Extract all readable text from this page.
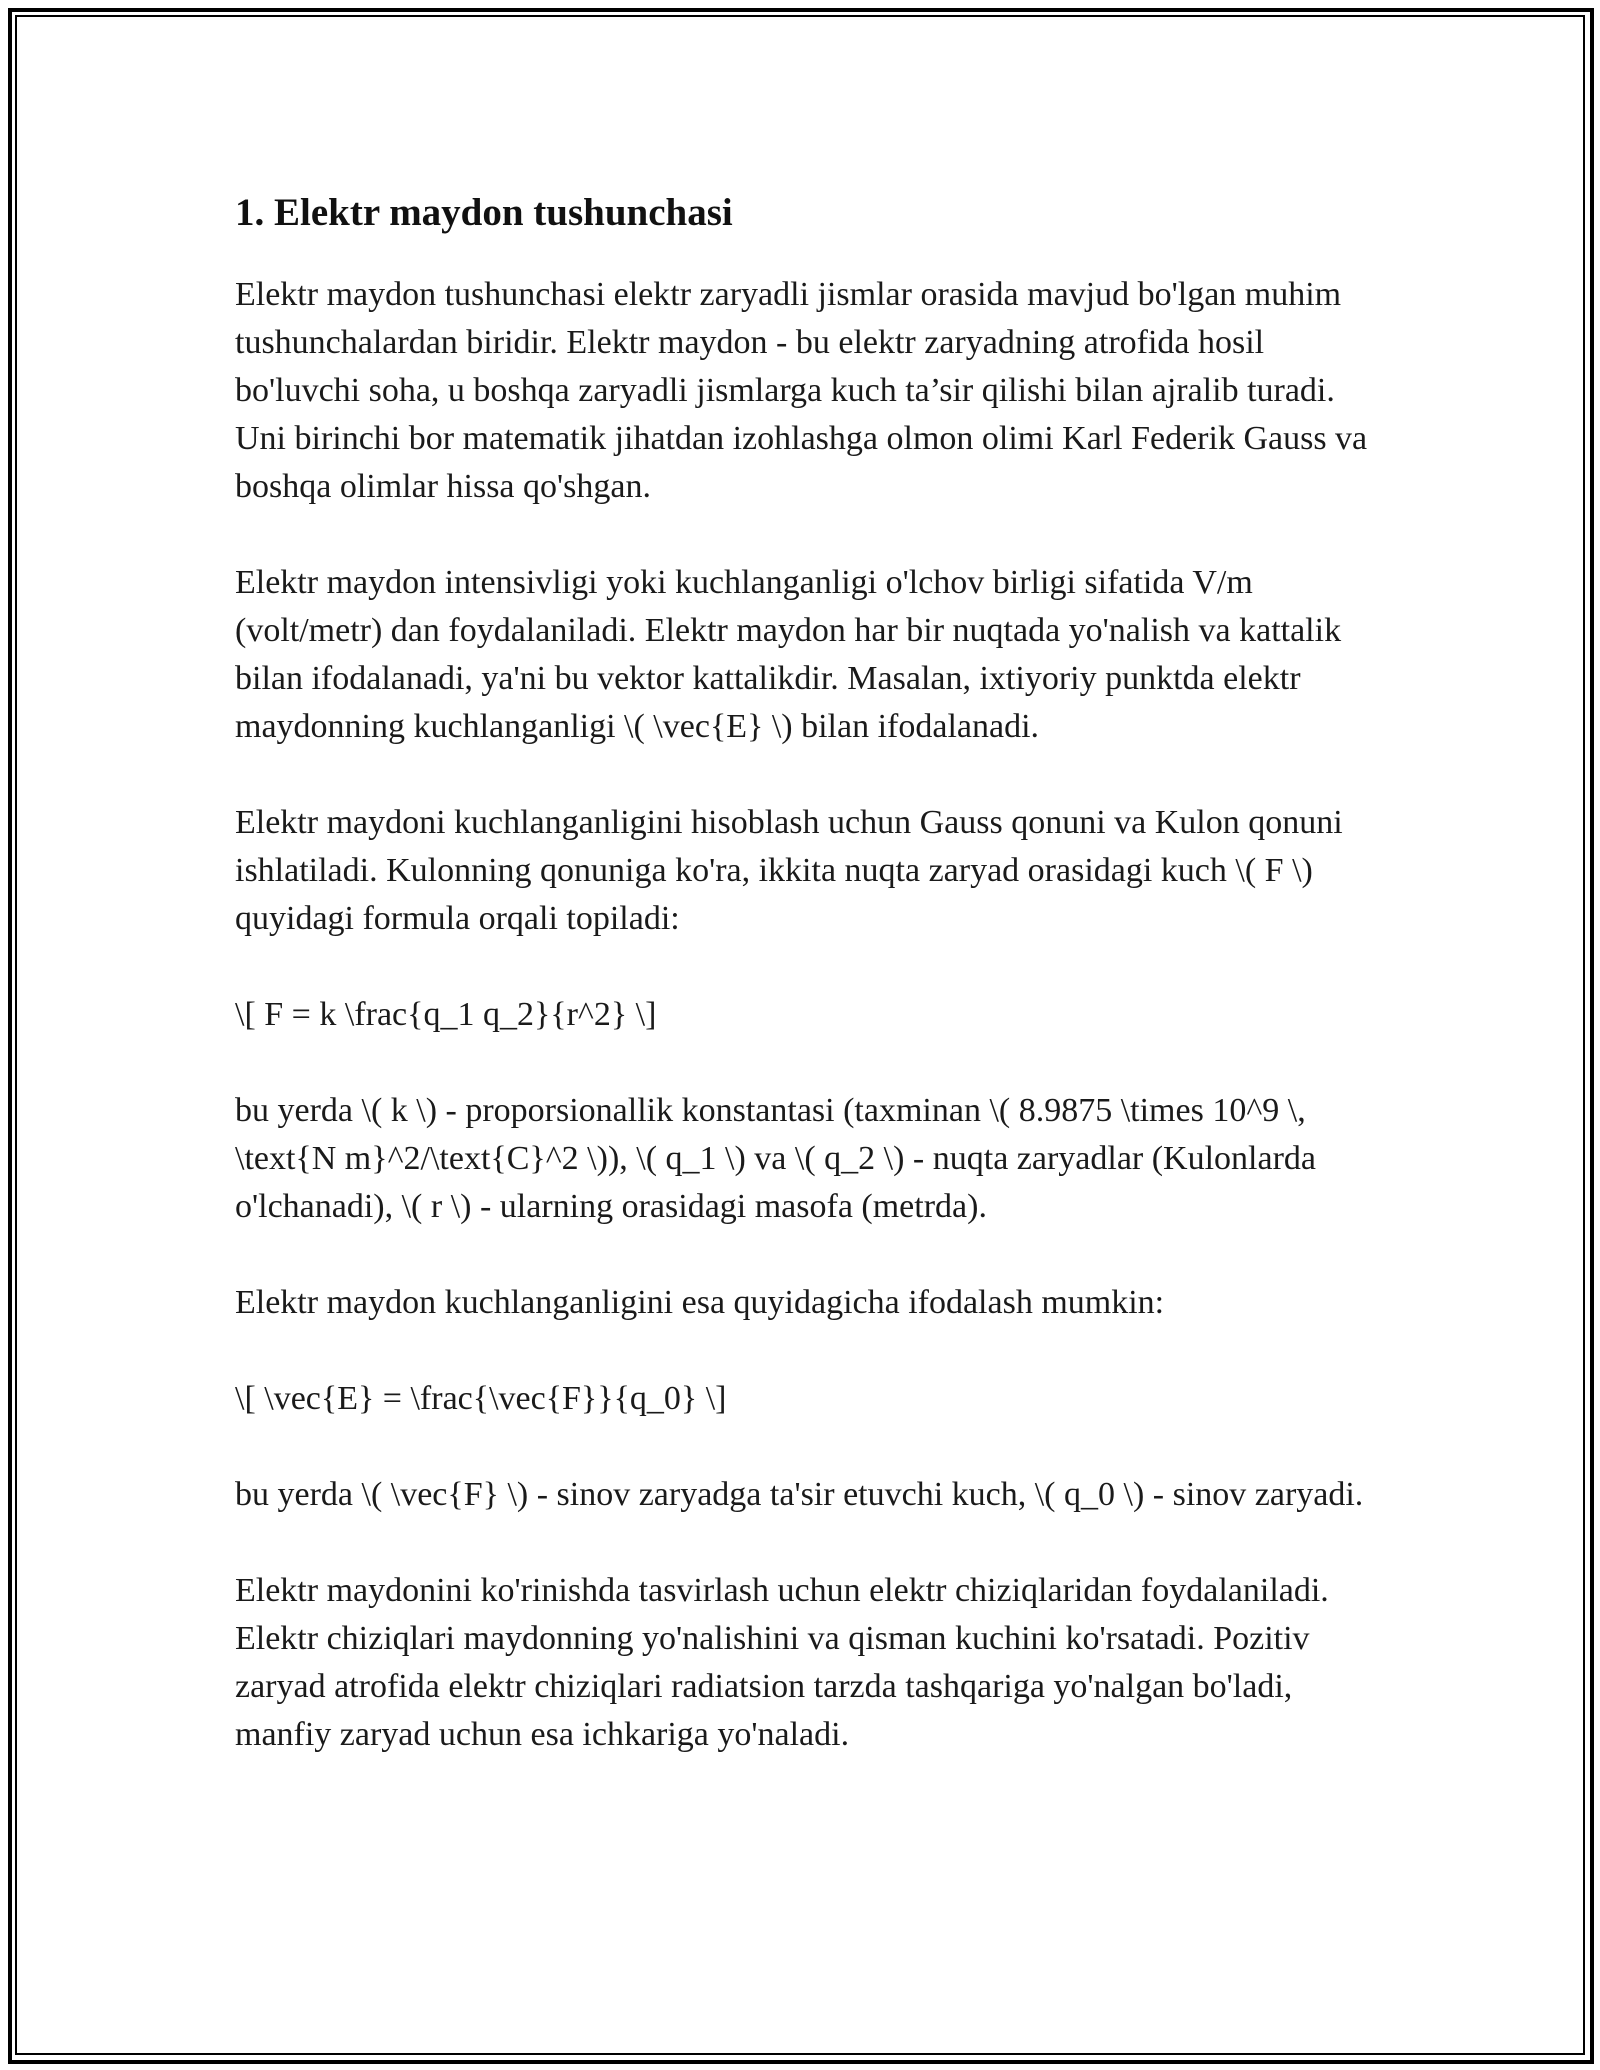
1. Elektr maydon tushunchasi

Elektr maydon tushunchasi elektr zaryadli jismlar orasida mavjud bo'lgan muhim tushunchalardan biridir. Elektr maydon - bu elektr zaryadning atrofida hosil bo'luvchi soha, u boshqa zaryadli jismlarga kuch ta’sir qilishi bilan ajralib turadi. Uni birinchi bor matematik jihatdan izohlashga olmon olimi Karl Federik Gauss va boshqa olimlar hissa qo'shgan.

Elektr maydon intensivligi yoki kuchlanganligi o'lchov birligi sifatida V/m (volt/metr) dan foydalaniladi. Elektr maydon har bir nuqtada yo'nalish va kattalik bilan ifodalanadi, ya'ni bu vektor kattalikdir. Masalan, ixtiyoriy punktda elektr maydonning kuchlanganligi \( \vec{E} \) bilan ifodalanadi.

Elektr maydoni kuchlanganligini hisoblash uchun Gauss qonuni va Kulon qonuni ishlatiladi. Kulonning qonuniga ko'ra, ikkita nuqta zaryad orasidagi kuch \( F \) quyidagi formula orqali topiladi:

\[ F = k \frac{q_1 q_2}{r^2} \]

bu yerda \( k \) - proporsionallik konstantasi (taxminan \( 8.9875 \times 10^9 \, \text{N m}^2/\text{C}^2 \)), \( q_1 \) va \( q_2 \) - nuqta zaryadlar (Kulonlarda o'lchanadi), \( r \) - ularning orasidagi masofa (metrda).

Elektr maydon kuchlanganligini esa quyidagicha ifodalash mumkin:

\[ \vec{E} = \frac{\vec{F}}{q_0} \]

bu yerda \( \vec{F} \) - sinov zaryadga ta'sir etuvchi kuch, \( q_0 \) - sinov zaryadi.

Elektr maydonini ko'rinishda tasvirlash uchun elektr chiziqlaridan foydalaniladi. Elektr chiziqlari maydonning yo'nalishini va qisman kuchini ko'rsatadi. Pozitiv zaryad atrofida elektr chiziqlari radiatsion tarzda tashqariga yo'nalgan bo'ladi, manfiy zaryad uchun esa ichkariga yo'naladi.
